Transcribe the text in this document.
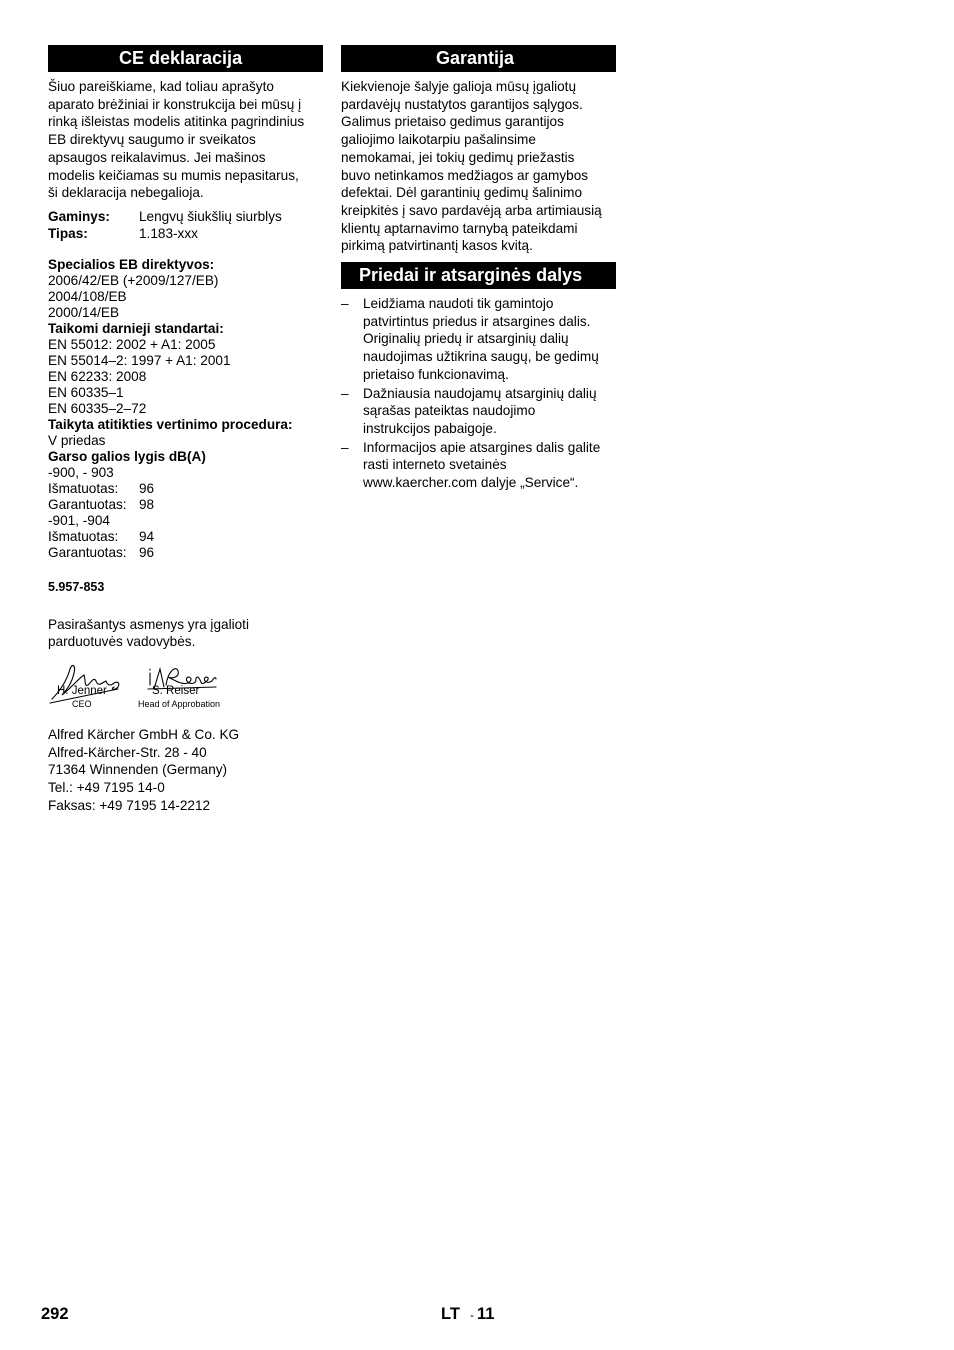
CE deklaracija
Šiuo pareiškiame, kad toliau aprašyto
aparato brėžiniai ir konstrukcija bei mūsų į
rinką išleistas modelis atitinka pagrindinius
EB direktyvų saugumo ir sveikatos
apsaugos reikalavimus. Jei mašinos
modelis keičiamas su mumis nepasitarus,
ši deklaracija nebegalioja.
Gaminys:	Lengvų šiukšlių siurblys
Tipas:	1.183-xxx
Specialios EB direktyvos:
2006/42/EB (+2009/127/EB)
2004/108/EB
2000/14/EB
Taikomi darnieji standartai:
EN 55012: 2002 + A1: 2005
EN 55014–2: 1997 + A1: 2001
EN 62233: 2008
EN 60335–1
EN 60335–2–72
Taikyta atitikties vertinimo procedura:
V priedas
Garso galios lygis dB(A)
-900, - 903
Išmatuotas:	96
Garantuotas: 98
-901, -904
Išmatuotas:	94
Garantuotas: 96
5.957-853
Pasirašantys asmenys yra įgalioti
parduotuvės vadovybės.
H. Jenner
CEO
S. Reiser
Head of Approbation
Alfred Kärcher GmbH & Co. KG
Alfred-Kärcher-Str. 28 - 40
71364 Winnenden (Germany)
Tel.: +49 7195 14-0
Faksas: +49 7195 14-2212
Garantija
Kiekvienoje šalyje galioja mūsų įgaliotų
pardavėjų nustatytos garantijos sąlygos.
Galimus prietaiso gedimus garantijos
galiojimo laikotarpiu pašalinsime
nemokamai, jei tokių gedimų priežastis
buvo netinkamos medžiagos ar gamybos
defektai. Dėl garantinių gedimų šalinimo
kreipkitės į savo pardavėją arba artimiausią
klientų aptarnavimo tarnybą pateikdami
pirkimą patvirtinantį kasos kvitą.
Priedai ir atsarginės dalys
– Leidžiama naudoti tik gamintojo
patvirtintus priedus ir atsargines dalis.
Originalių priedų ir atsarginių dalių
naudojimas užtikrina saugų, be gedimų
prietaiso funkcionavimą.
– Dažniausia naudojamų atsarginių dalių
sąrašas pateiktas naudojimo
instrukcijos pabaigoje.
– Informacijos apie atsargines dalis galite
rasti interneto svetainės
www.kaercher.com dalyje „Service“.
292	LT - 11
